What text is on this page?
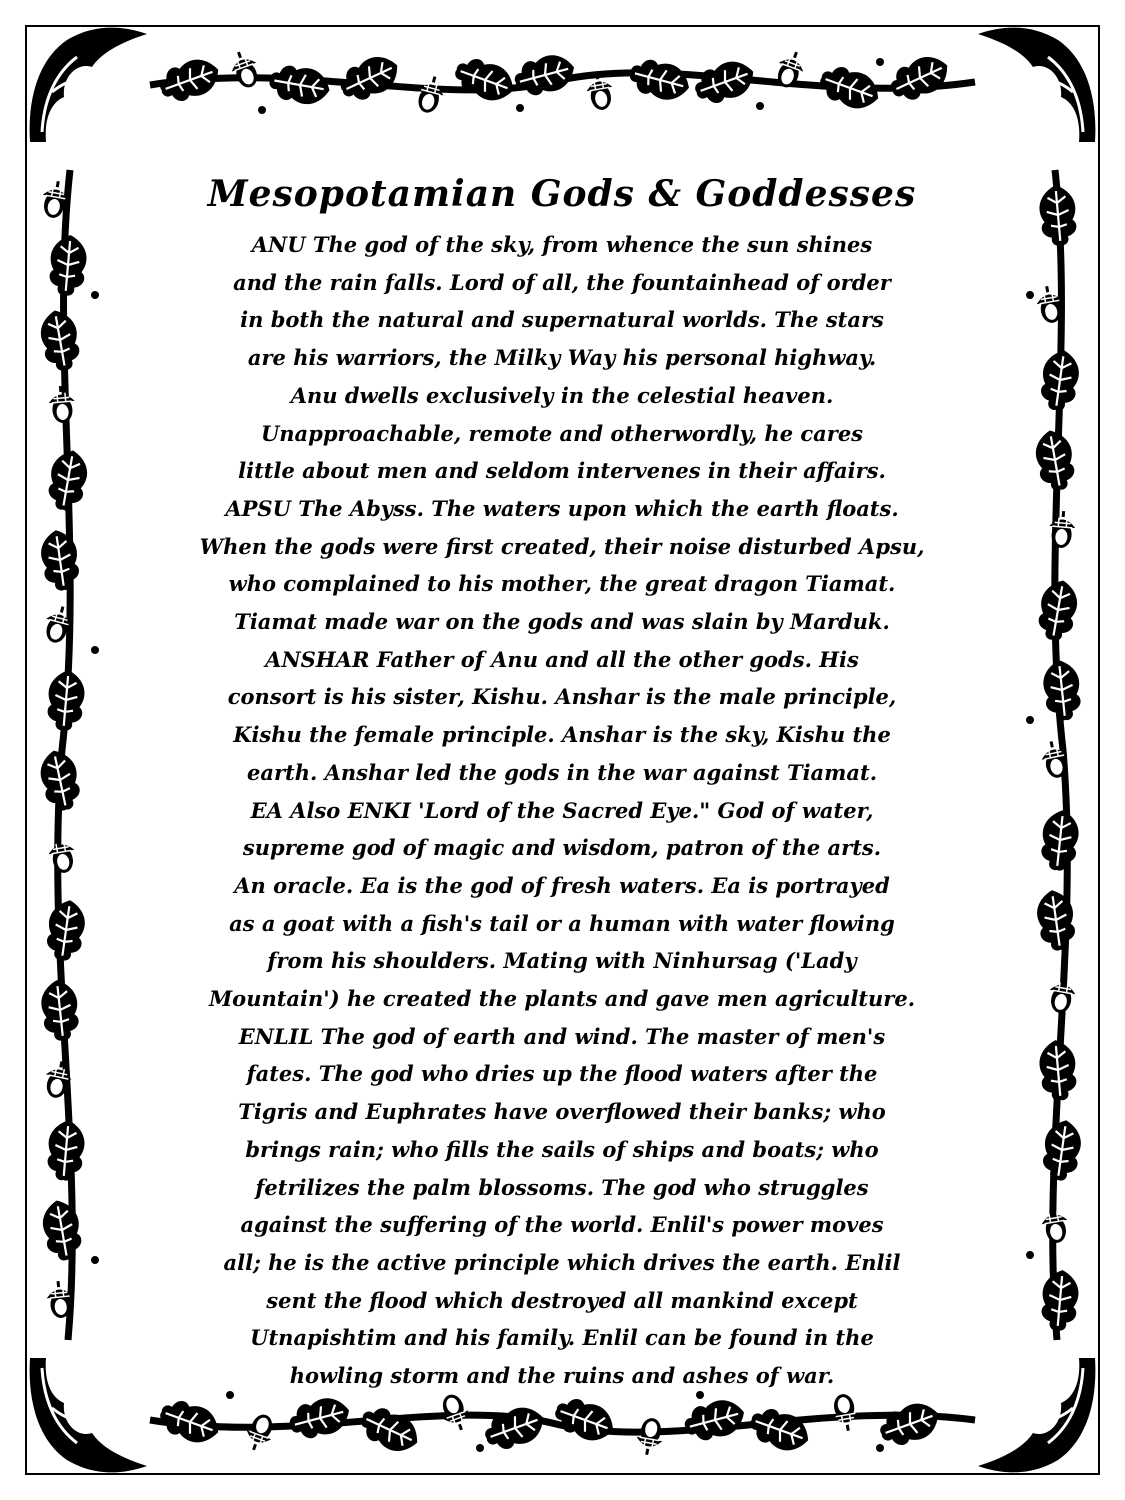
Mesopotamian Gods & Goddesses
ANU The god of the sky, from whence the sun shines
and the rain falls. Lord of all, the fountainhead of order
in both the natural and supernatural worlds. The stars
are his warriors, the Milky Way his personal highway.
Anu dwells exclusively in the celestial heaven.
Unapproachable, remote and otherwordly, he cares
little about men and seldom intervenes in their affairs.
APSU The Abyss. The waters upon which the earth floats.
When the gods were first created, their noise disturbed Apsu,
who complained to his mother, the great dragon Tiamat.
Tiamat made war on the gods and was slain by Marduk.
ANSHAR Father of Anu and all the other gods. His
consort is his sister, Kishu. Anshar is the male principle,
Kishu the female principle. Anshar is the sky, Kishu the
earth. Anshar led the gods in the war against Tiamat.
EA Also ENKI 'Lord of the Sacred Eye." God of water,
supreme god of magic and wisdom, patron of the arts.
An oracle. Ea is the god of fresh waters. Ea is portrayed
as a goat with a fish's tail or a human with water flowing
from his shoulders. Mating with Ninhursag ('Lady
Mountain') he created the plants and gave men agriculture.
ENLIL The god of earth and wind. The master of men's
fates. The god who dries up the flood waters after the
Tigris and Euphrates have overflowed their banks; who
brings rain; who fills the sails of ships and boats; who
fetrilizes the palm blossoms. The god who struggles
against the suffering of the world. Enlil's power moves
all; he is the active principle which drives the earth. Enlil
sent the flood which destroyed all mankind except
Utnapishtim and his family. Enlil can be found in the
howling storm and the ruins and ashes of war.
